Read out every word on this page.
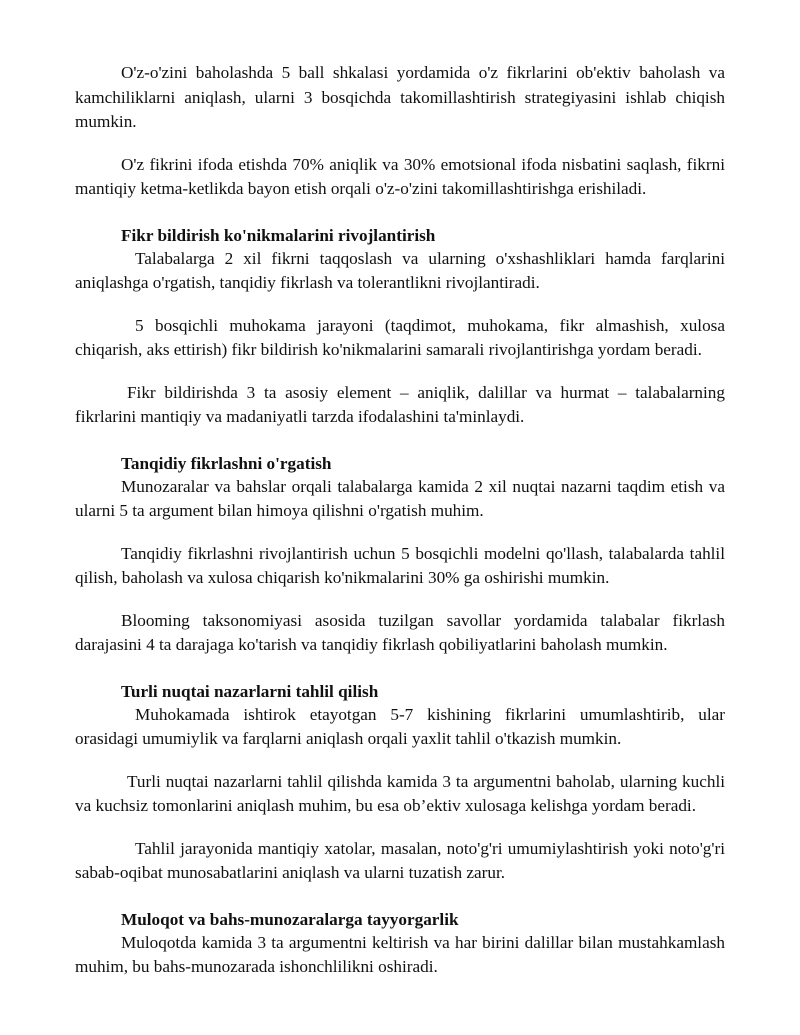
O'z-o'zini baholashda 5 ball shkalasi yordamida o'z fikrlarini ob'ektiv baholash va kamchiliklarni aniqlash, ularni 3 bosqichda takomillashtirish strategiyasini ishlab chiqish mumkin.

O'z fikrini ifoda etishda 70% aniqlik va 30% emotsional ifoda nisbatini saqlash, fikrni mantiqiy ketma-ketlikda bayon etish orqali o'z-o'zini takomillashtirishga erishiladi.

Fikr bildirish ko'nikmalarini rivojlantirish

Talabalarga 2 xil fikrni taqqoslash va ularning o'xshashliklari hamda farqlarini aniqlashga o'rgatish, tanqidiy fikrlash va tolerantlikni rivojlantiradi.

5 bosqichli muhokama jarayoni (taqdimot, muhokama, fikr almashish, xulosa chiqarish, aks ettirish) fikr bildirish ko'nikmalarini samarali rivojlantirishga yordam beradi.

Fikr bildirishda 3 ta asosiy element – aniqlik, dalillar va hurmat – talabalarning fikrlarini mantiqiy va madaniyatli tarzda ifodalashini ta'minlaydi.

Tanqidiy fikrlashni o'rgatish

Munozaralar va bahslar orqali talabalarga kamida 2 xil nuqtai nazarni taqdim etish va ularni 5 ta argument bilan himoya qilishni o'rgatish muhim.

Tanqidiy fikrlashni rivojlantirish uchun 5 bosqichli modelni qo'llash, talabalarda tahlil qilish, baholash va xulosa chiqarish ko'nikmalarini 30% ga oshirishi mumkin.

Blooming taksonomiyasi asosida tuzilgan savollar yordamida talabalar fikrlash darajasini 4 ta darajaga ko'tarish va tanqidiy fikrlash qobiliyatlarini baholash mumkin.

Turli nuqtai nazarlarni tahlil qilish

Muhokamada ishtirok etayotgan 5-7 kishining fikrlarini umumlashtirib, ular orasidagi umumiylik va farqlarni aniqlash orqali yaxlit tahlil o'tkazish mumkin.

Turli nuqtai nazarlarni tahlil qilishda kamida 3 ta argumentni baholab, ularning kuchli va kuchsiz tomonlarini aniqlash muhim, bu esa ob’ektiv xulosaga kelishga yordam beradi.

Tahlil jarayonida mantiqiy xatolar, masalan, noto'g'ri umumiylashtirish yoki noto'g'ri sabab-oqibat munosabatlarini aniqlash va ularni tuzatish zarur.

Muloqot va bahs-munozaralarga tayyorgarlik

Muloqotda kamida 3 ta argumentni keltirish va har birini dalillar bilan mustahkamlash muhim, bu bahs-munozarada ishonchlilikni oshiradi.
